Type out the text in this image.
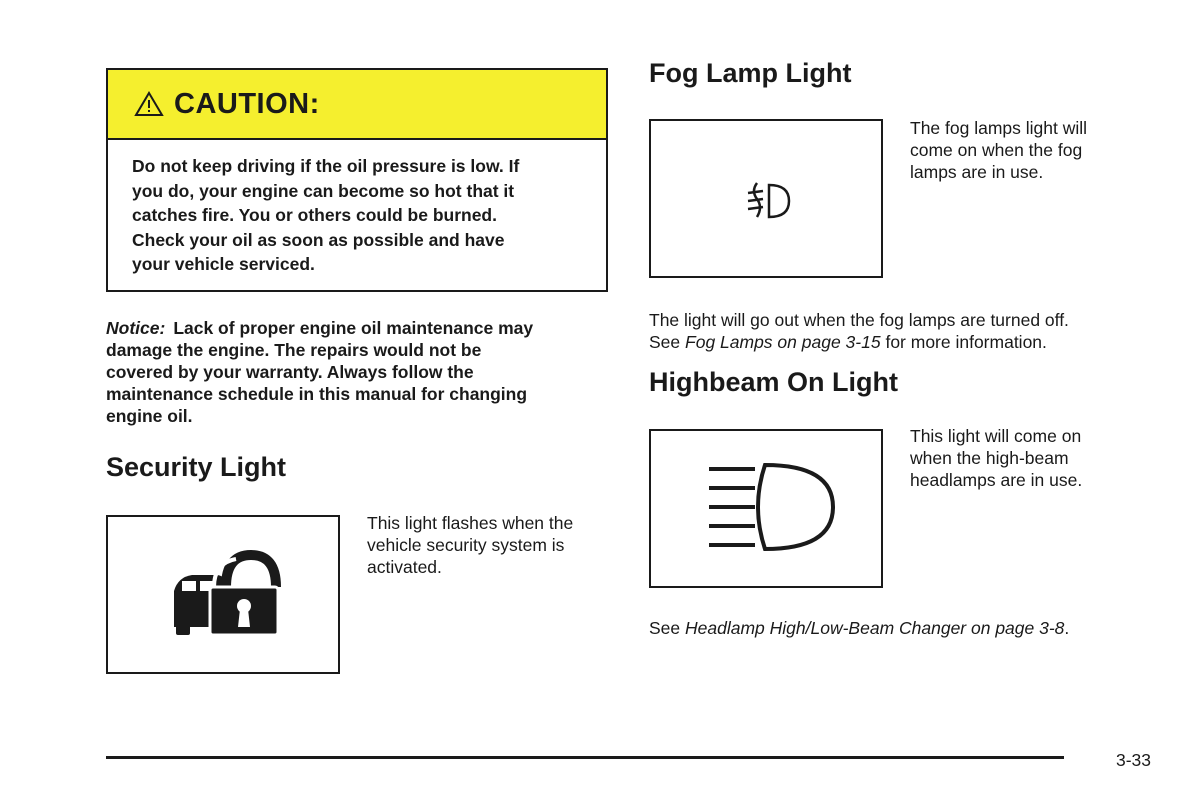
CAUTION:
Do not keep driving if the oil pressure is low. If
you do, your engine can become so hot that it
catches fire. You or others could be burned.
Check your oil as soon as possible and have
your vehicle serviced.
Notice: Lack of proper engine oil maintenance may
damage the engine. The repairs would not be
covered by your warranty. Always follow the
maintenance schedule in this manual for changing
engine oil.
Security Light
This light flashes when the
vehicle security system is
activated.
Fog Lamp Light
The fog lamps light will
come on when the fog
lamps are in use.
The light will go out when the fog lamps are turned off.
See Fog Lamps on page 3-15 for more information.
Highbeam On Light
This light will come on
when the high-beam
headlamps are in use.
See Headlamp High/Low-Beam Changer on page 3-8.
3-33
